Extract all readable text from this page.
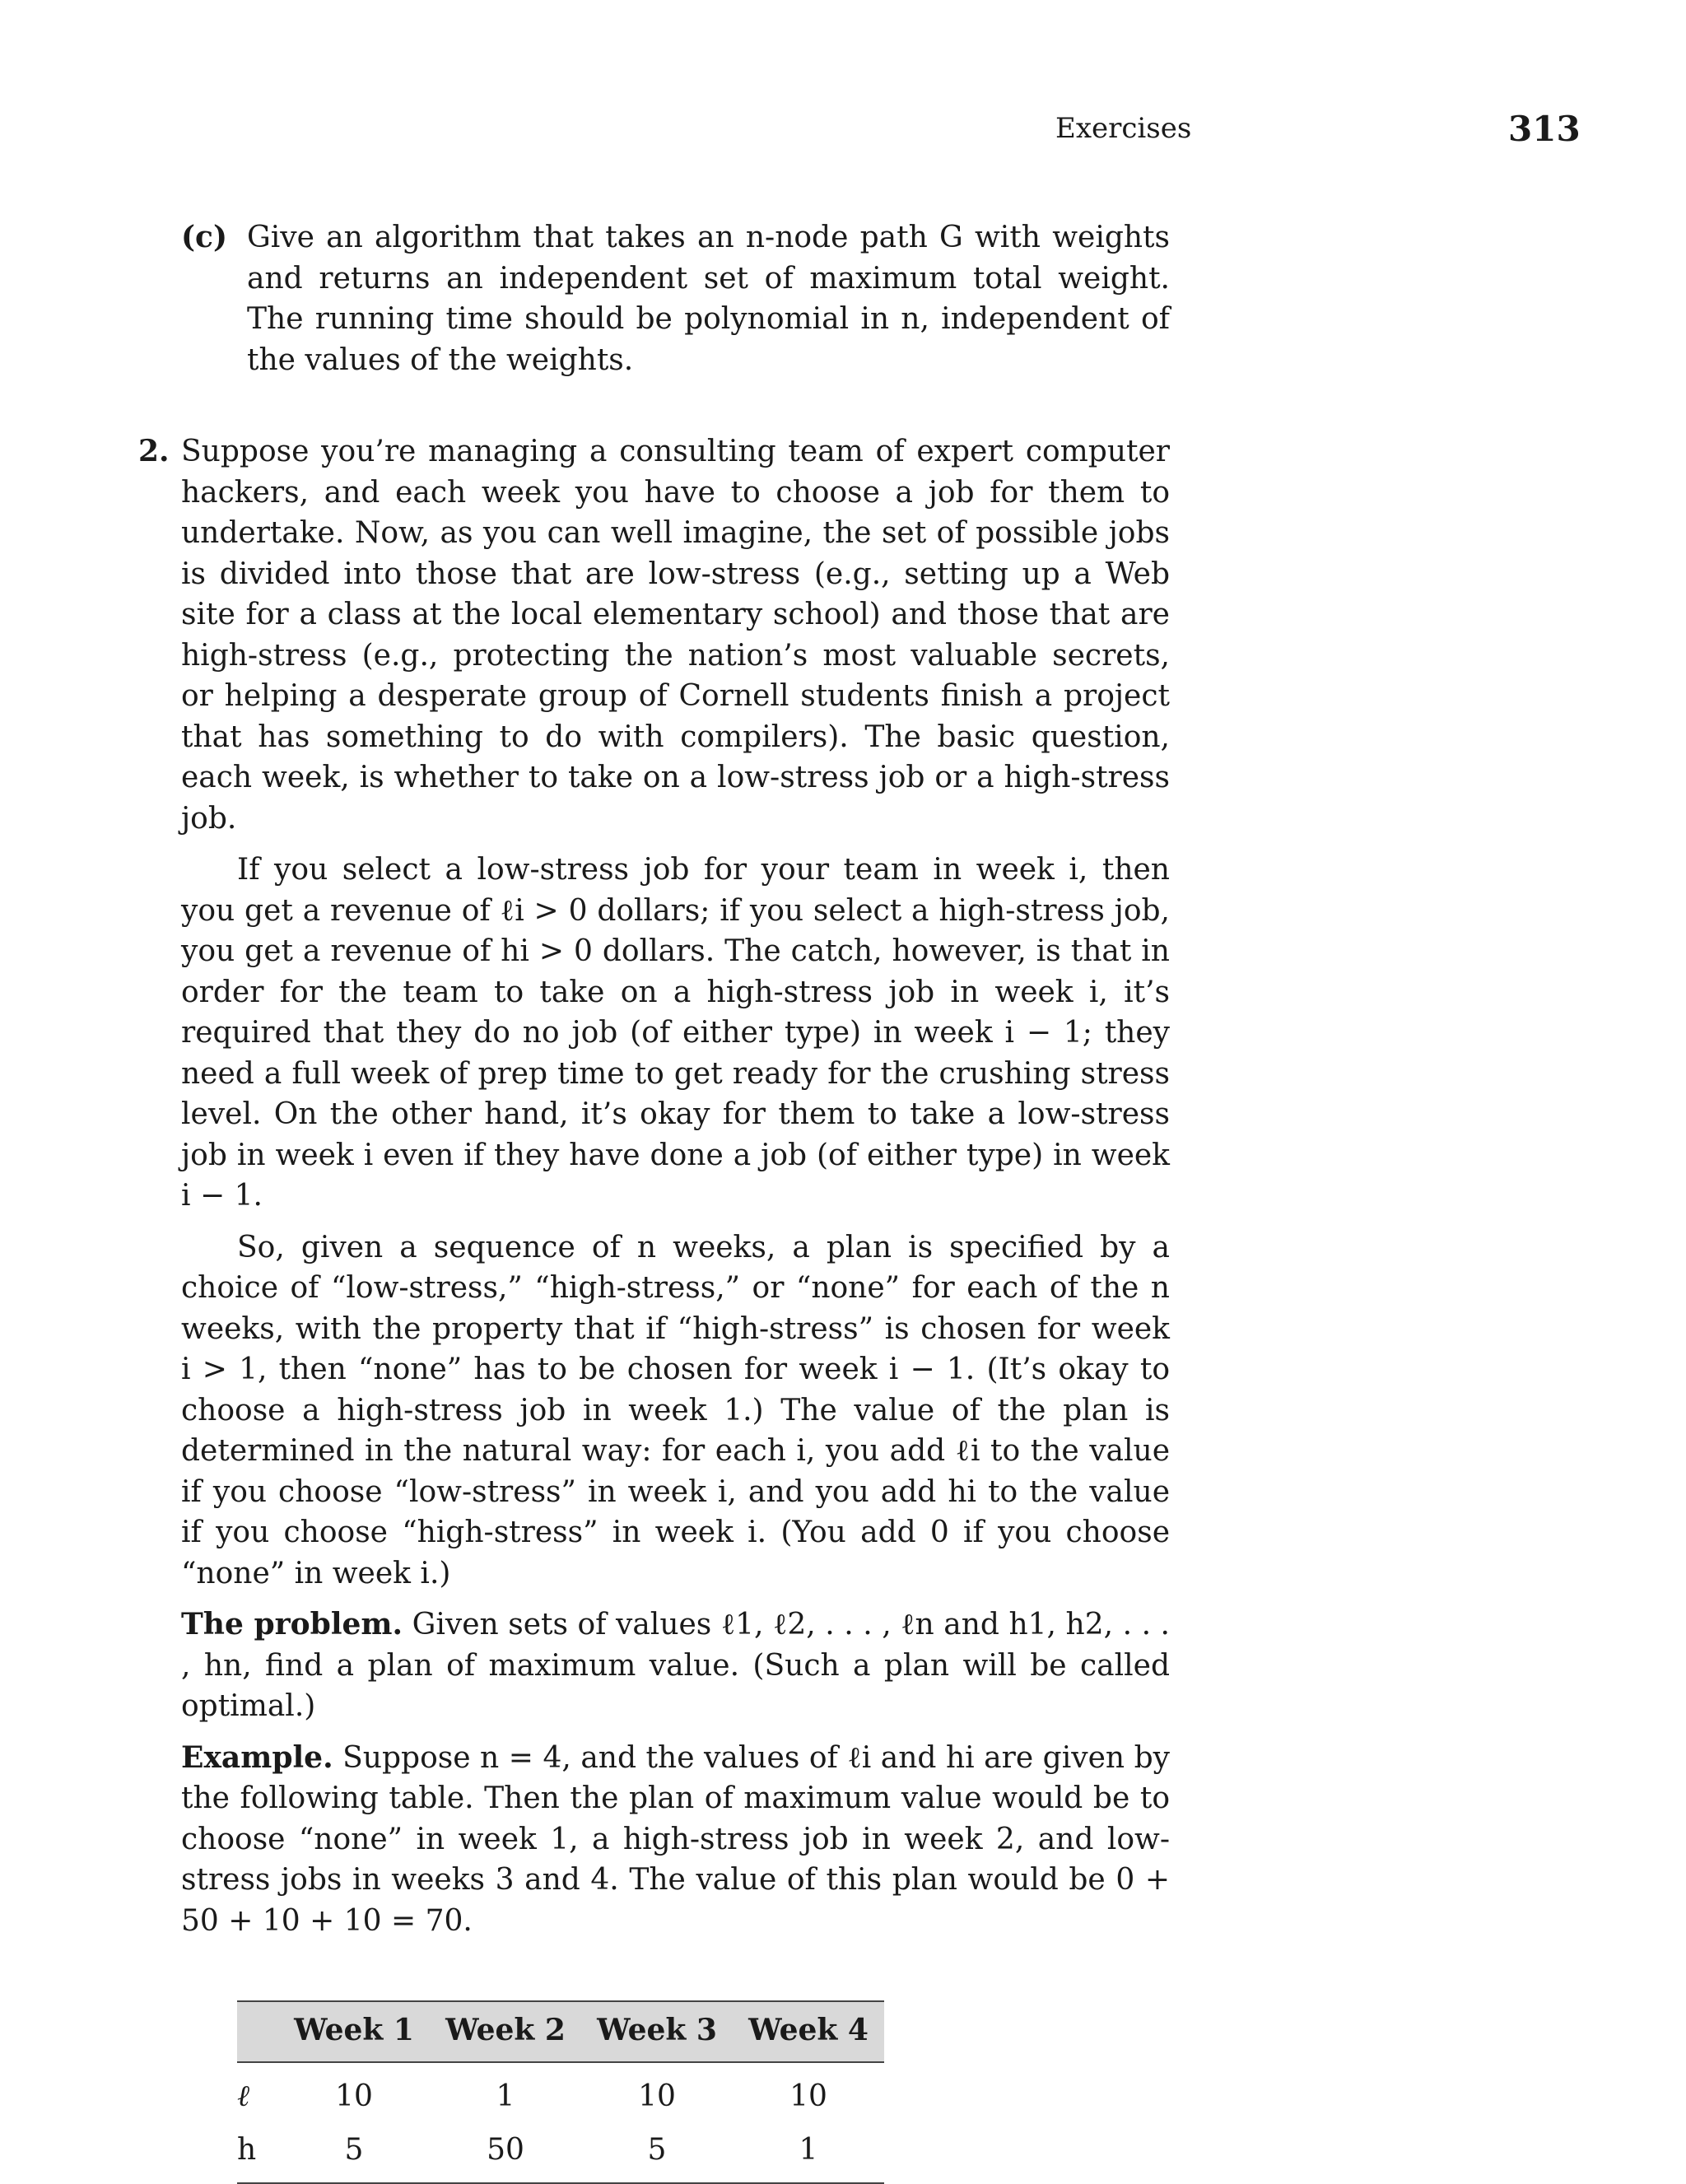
Exercises	313
(c) Give an algorithm that takes an n-node path G with weights and returns an independent set of maximum total weight. The running time should be polynomial in n, independent of the values of the weights.

2. Suppose you’re managing a consulting team of expert computer hackers, and each week you have to choose a job for them to undertake. Now, as you can well imagine, the set of possible jobs is divided into those that are low-stress (e.g., setting up a Web site for a class at the local elementary school) and those that are high-stress (e.g., protecting the nation’s most valuable secrets, or helping a desperate group of Cornell students finish a project that has something to do with compilers). The basic question, each week, is whether to take on a low-stress job or a high-stress job.

If you select a low-stress job for your team in week i, then you get a revenue of ℓi > 0 dollars; if you select a high-stress job, you get a revenue of hi > 0 dollars. The catch, however, is that in order for the team to take on a high-stress job in week i, it’s required that they do no job (of either type) in week i − 1; they need a full week of prep time to get ready for the crushing stress level. On the other hand, it’s okay for them to take a low-stress job in week i even if they have done a job (of either type) in week i − 1.

So, given a sequence of n weeks, a plan is specified by a choice of “low-stress,” “high-stress,” or “none” for each of the n weeks, with the property that if “high-stress” is chosen for week i > 1, then “none” has to be chosen for week i − 1. (It’s okay to choose a high-stress job in week 1.) The value of the plan is determined in the natural way: for each i, you add ℓi to the value if you choose “low-stress” in week i, and you add hi to the value if you choose “high-stress” in week i. (You add 0 if you choose “none” in week i.)

The problem. Given sets of values ℓ1, ℓ2, . . . , ℓn and h1, h2, . . . , hn, find a plan of maximum value. (Such a plan will be called optimal.)

Example. Suppose n = 4, and the values of ℓi and hi are given by the following table. Then the plan of maximum value would be to choose “none” in week 1, a high-stress job in week 2, and low-stress jobs in weeks 3 and 4. The value of this plan would be 0 + 50 + 10 + 10 = 70.

	Week 1	Week 2	Week 3	Week 4
ℓ	10	1	10	10
h	5	50	5	1
